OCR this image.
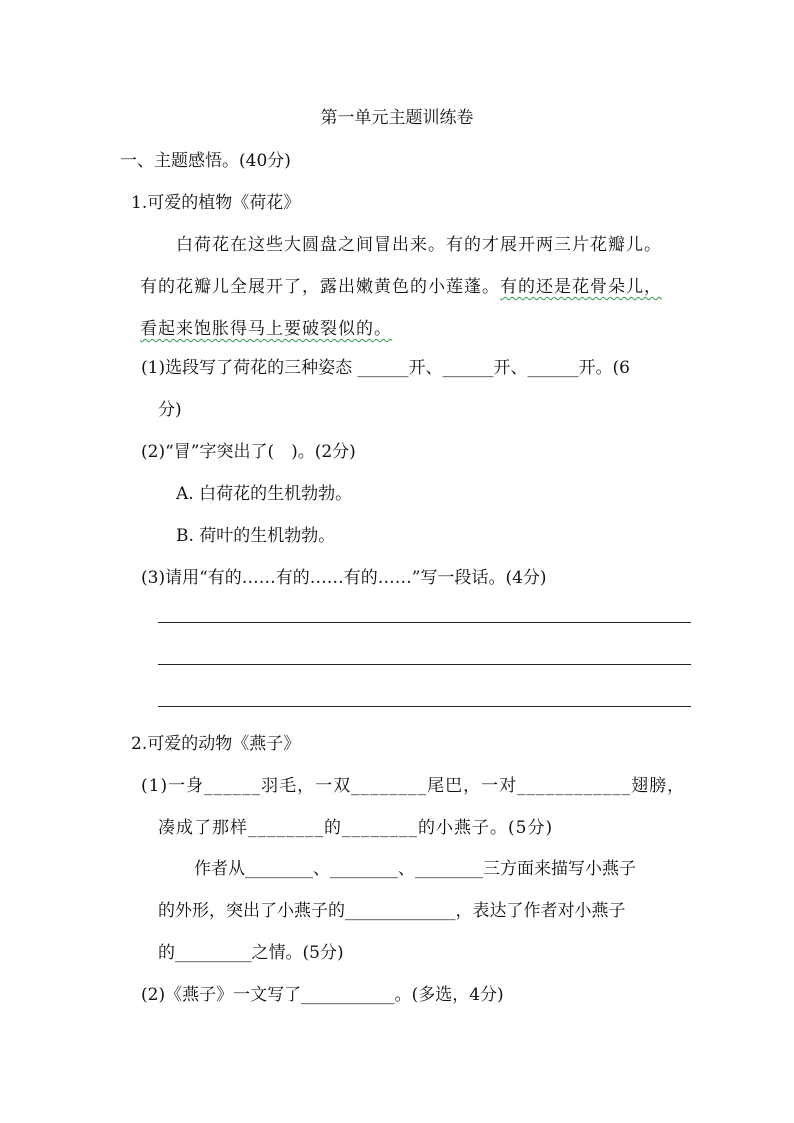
第一单元主题训练卷
一、主题感悟。(40分)
1.可爱的植物《荷花》
白荷花在这些大圆盘之间冒出来。有的才展开两三片花瓣儿。
有的花瓣儿全展开了，露出嫩黄色的小莲蓬。有的还是花骨朵儿，
看起来饱胀得马上要破裂似的。
(1)选段写了荷花的三种姿态 ______开、______开、______开。(6
分)
(2)“冒”字突出了(　)。(2分)
A. 白荷花的生机勃勃。
B. 荷叶的生机勃勃。
(3)请用“有的……有的……有的……”写一段话。(4分)
2.可爱的动物《燕子》
(1)一身______羽毛，一双________尾巴，一对____________翅膀，
凑成了那样________的________的小燕子。(5分)
作者从________、________、________三方面来描写小燕子
的外形，突出了小燕子的_____________，表达了作者对小燕子
的_________之情。(5分)
(2)《燕子》一文写了___________。(多选，4分)
